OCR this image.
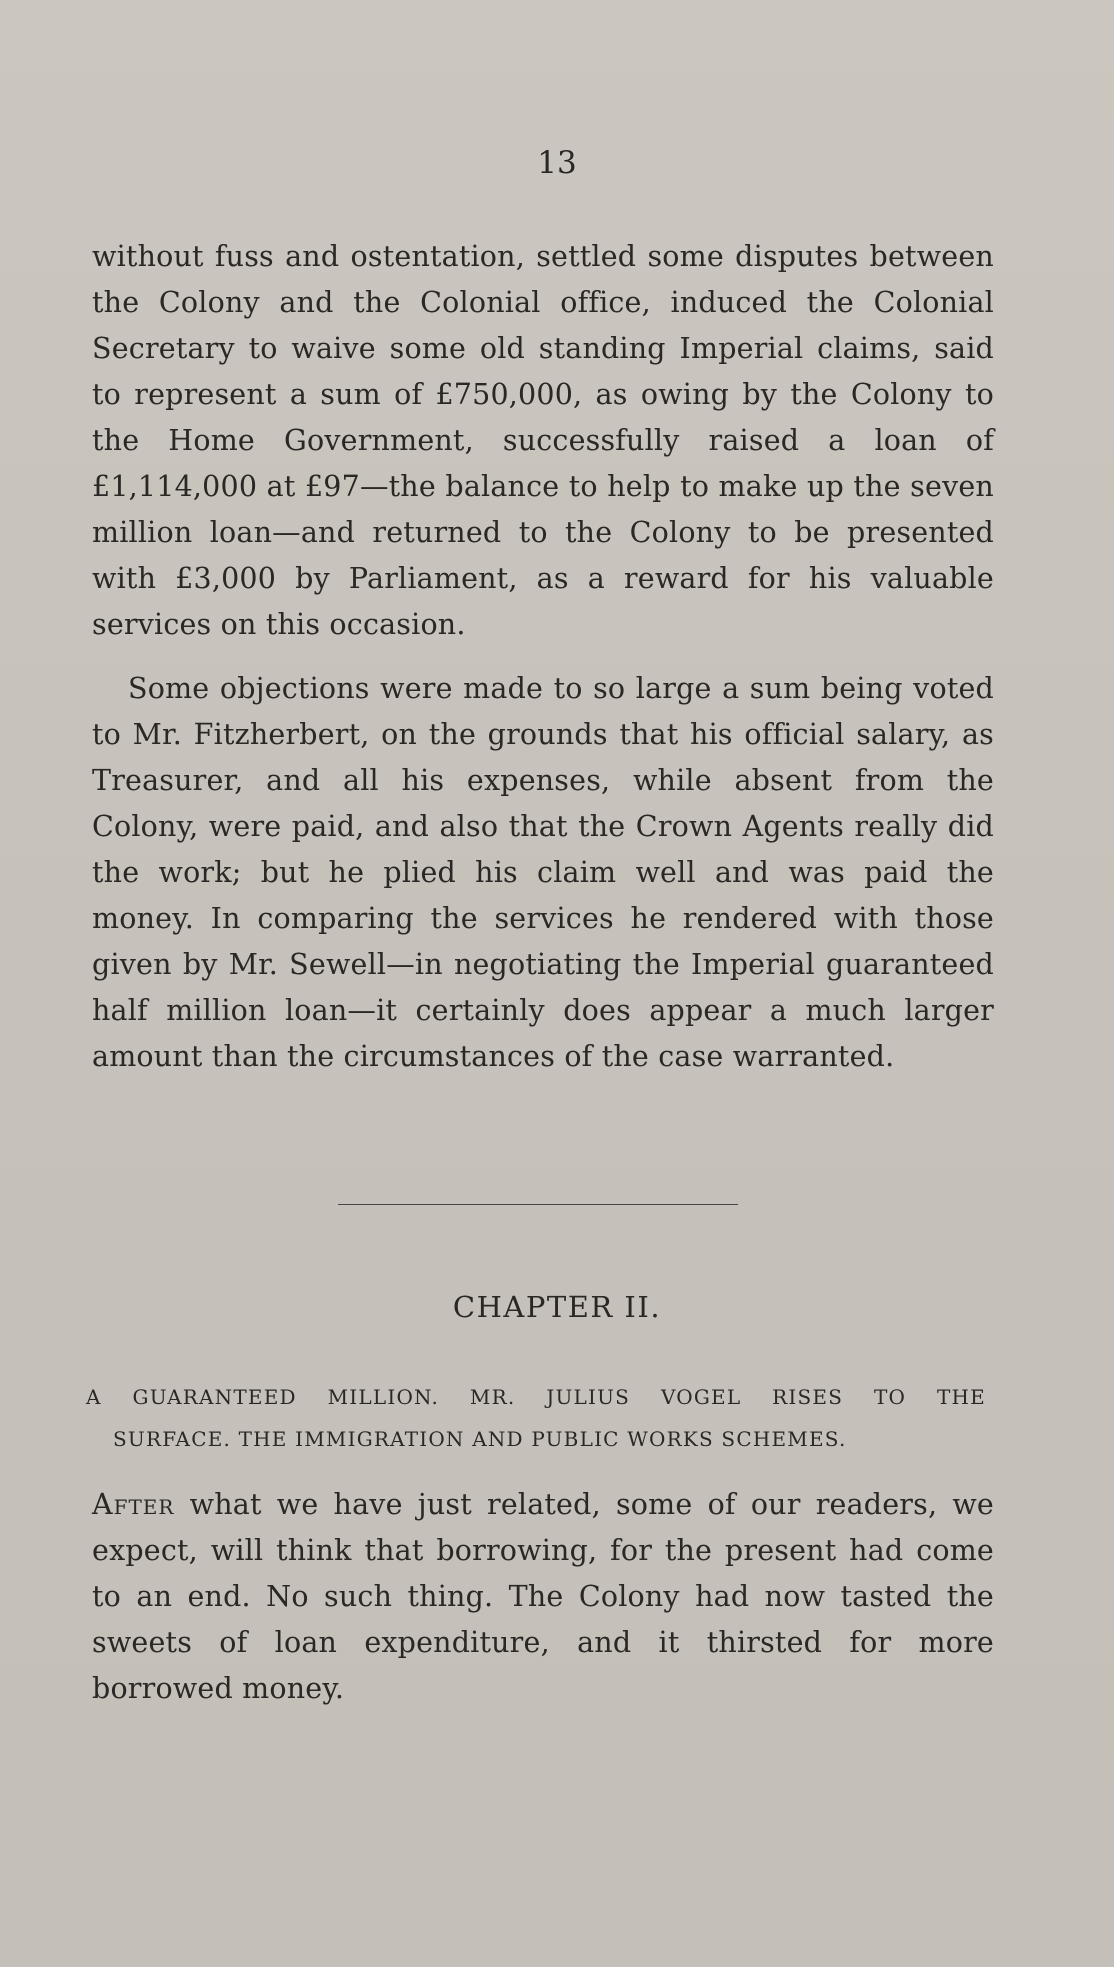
13

without fuss and ostentation, settled some disputes between the Colony and the Colonial office, induced the Colonial Secretary to waive some old standing Imperial claims, said to represent a sum of £750,000, as owing by the Colony to the Home Government, successfully raised a loan of £1,114,000 at £97—the balance to help to make up the seven million loan—and returned to the Colony to be presented with £3,000 by Parliament, as a reward for his valuable services on this occasion.

Some objections were made to so large a sum being voted to Mr. Fitzherbert, on the grounds that his official salary, as Treasurer, and all his expenses, while absent from the Colony, were paid, and also that the Crown Agents really did the work; but he plied his claim well and was paid the money. In comparing the services he rendered with those given by Mr. Sewell—in negotiating the Imperial guaranteed half million loan—it certainly does appear a much larger amount than the circumstances of the case warranted.

CHAPTER II.
A GUARANTEED MILLION. MR. JULIUS VOGEL RISES TO THE
SURFACE. THE IMMIGRATION AND PUBLIC WORKS SCHEMES.

After what we have just related, some of our readers, we expect, will think that borrowing, for the present had come to an end. No such thing. The Colony had now tasted the sweets of loan expenditure, and it thirsted for more borrowed money.
